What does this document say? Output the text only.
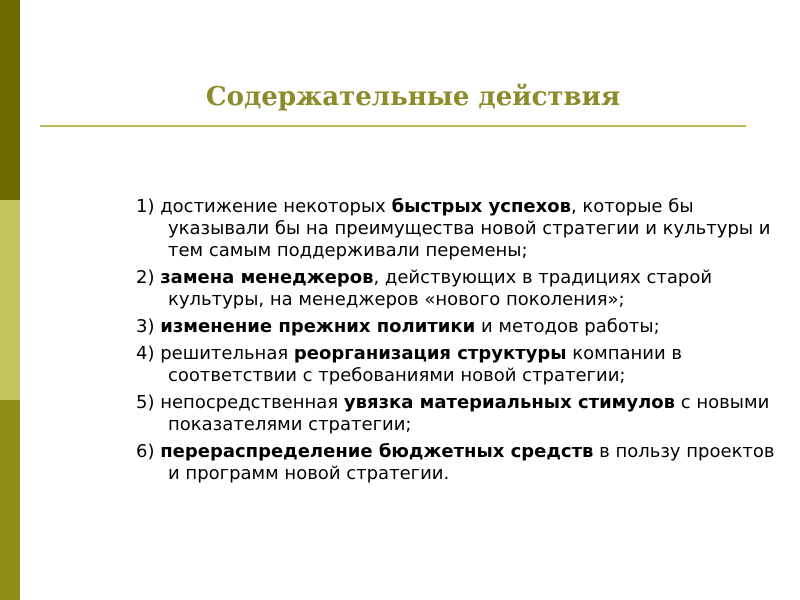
Содержательные действия
1) достижение некоторых быстрых успехов, которые бы указывали бы на преимущества новой стратегии и культуры и тем самым поддерживали перемены;
2) замена менеджеров, действующих в традициях старой культуры, на менеджеров «нового поколения»;
3) изменение прежних политики и методов работы;
4) решительная реорганизация структуры компании в соответствии с требованиями новой стратегии;
5) непосредственная увязка материальных стимулов с новыми показателями стратегии;
6) перераспределение бюджетных средств в пользу проектов и программ новой стратегии.
